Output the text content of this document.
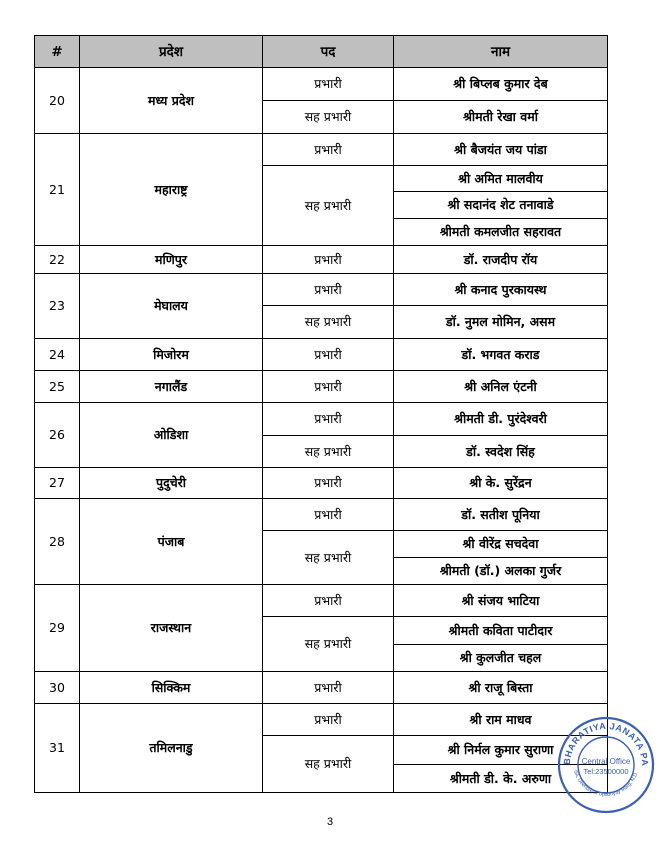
#	प्रदेश	पद	नाम
20	मध्य प्रदेश	प्रभारी	श्री बिप्लब कुमार देब
		सह प्रभारी	श्रीमती रेखा वर्मा
21	महाराष्ट्र	प्रभारी	श्री बैजयंत जय पांडा
		सह प्रभारी	श्री अमित मालवीय
			श्री सदानंद शेट तनावाडे
			श्रीमती कमलजीत सहरावत
22	मणिपुर	प्रभारी	डॉ. राजदीप रॉय
23	मेघालय	प्रभारी	श्री कनाद पुरकायस्थ
		सह प्रभारी	डॉ. नुमल मोमिन, असम
24	मिजोरम	प्रभारी	डॉ. भगवत कराड
25	नगालैंड	प्रभारी	श्री अनिल एंटनी
26	ओडिशा	प्रभारी	श्रीमती डी. पुरंदेश्वरी
		सह प्रभारी	डॉ. स्वदेश सिंह
27	पुदुचेरी	प्रभारी	श्री के. सुरेंद्रन
28	पंजाब	प्रभारी	डॉ. सतीश पूनिया
		सह प्रभारी	श्री वीरेंद्र सचदेवा
			श्रीमती (डॉ.) अलका गुर्जर
29	राजस्थान	प्रभारी	श्री संजय भाटिया
		सह प्रभारी	श्रीमती कविता पाटीदार
			श्री कुलजीत चहल
30	सिक्किम	प्रभारी	श्री राजू बिस्ता
31	तमिलनाडु	प्रभारी	श्री राम माधव
		सह प्रभारी	श्री निर्मल कुमार सुराणा
			श्रीमती डी. के. अरुणा
3
BHARATIYA JANATA PA
6A, Deendayal Upadhyay Marg, N.D.
Central Office
Tel:23500000
